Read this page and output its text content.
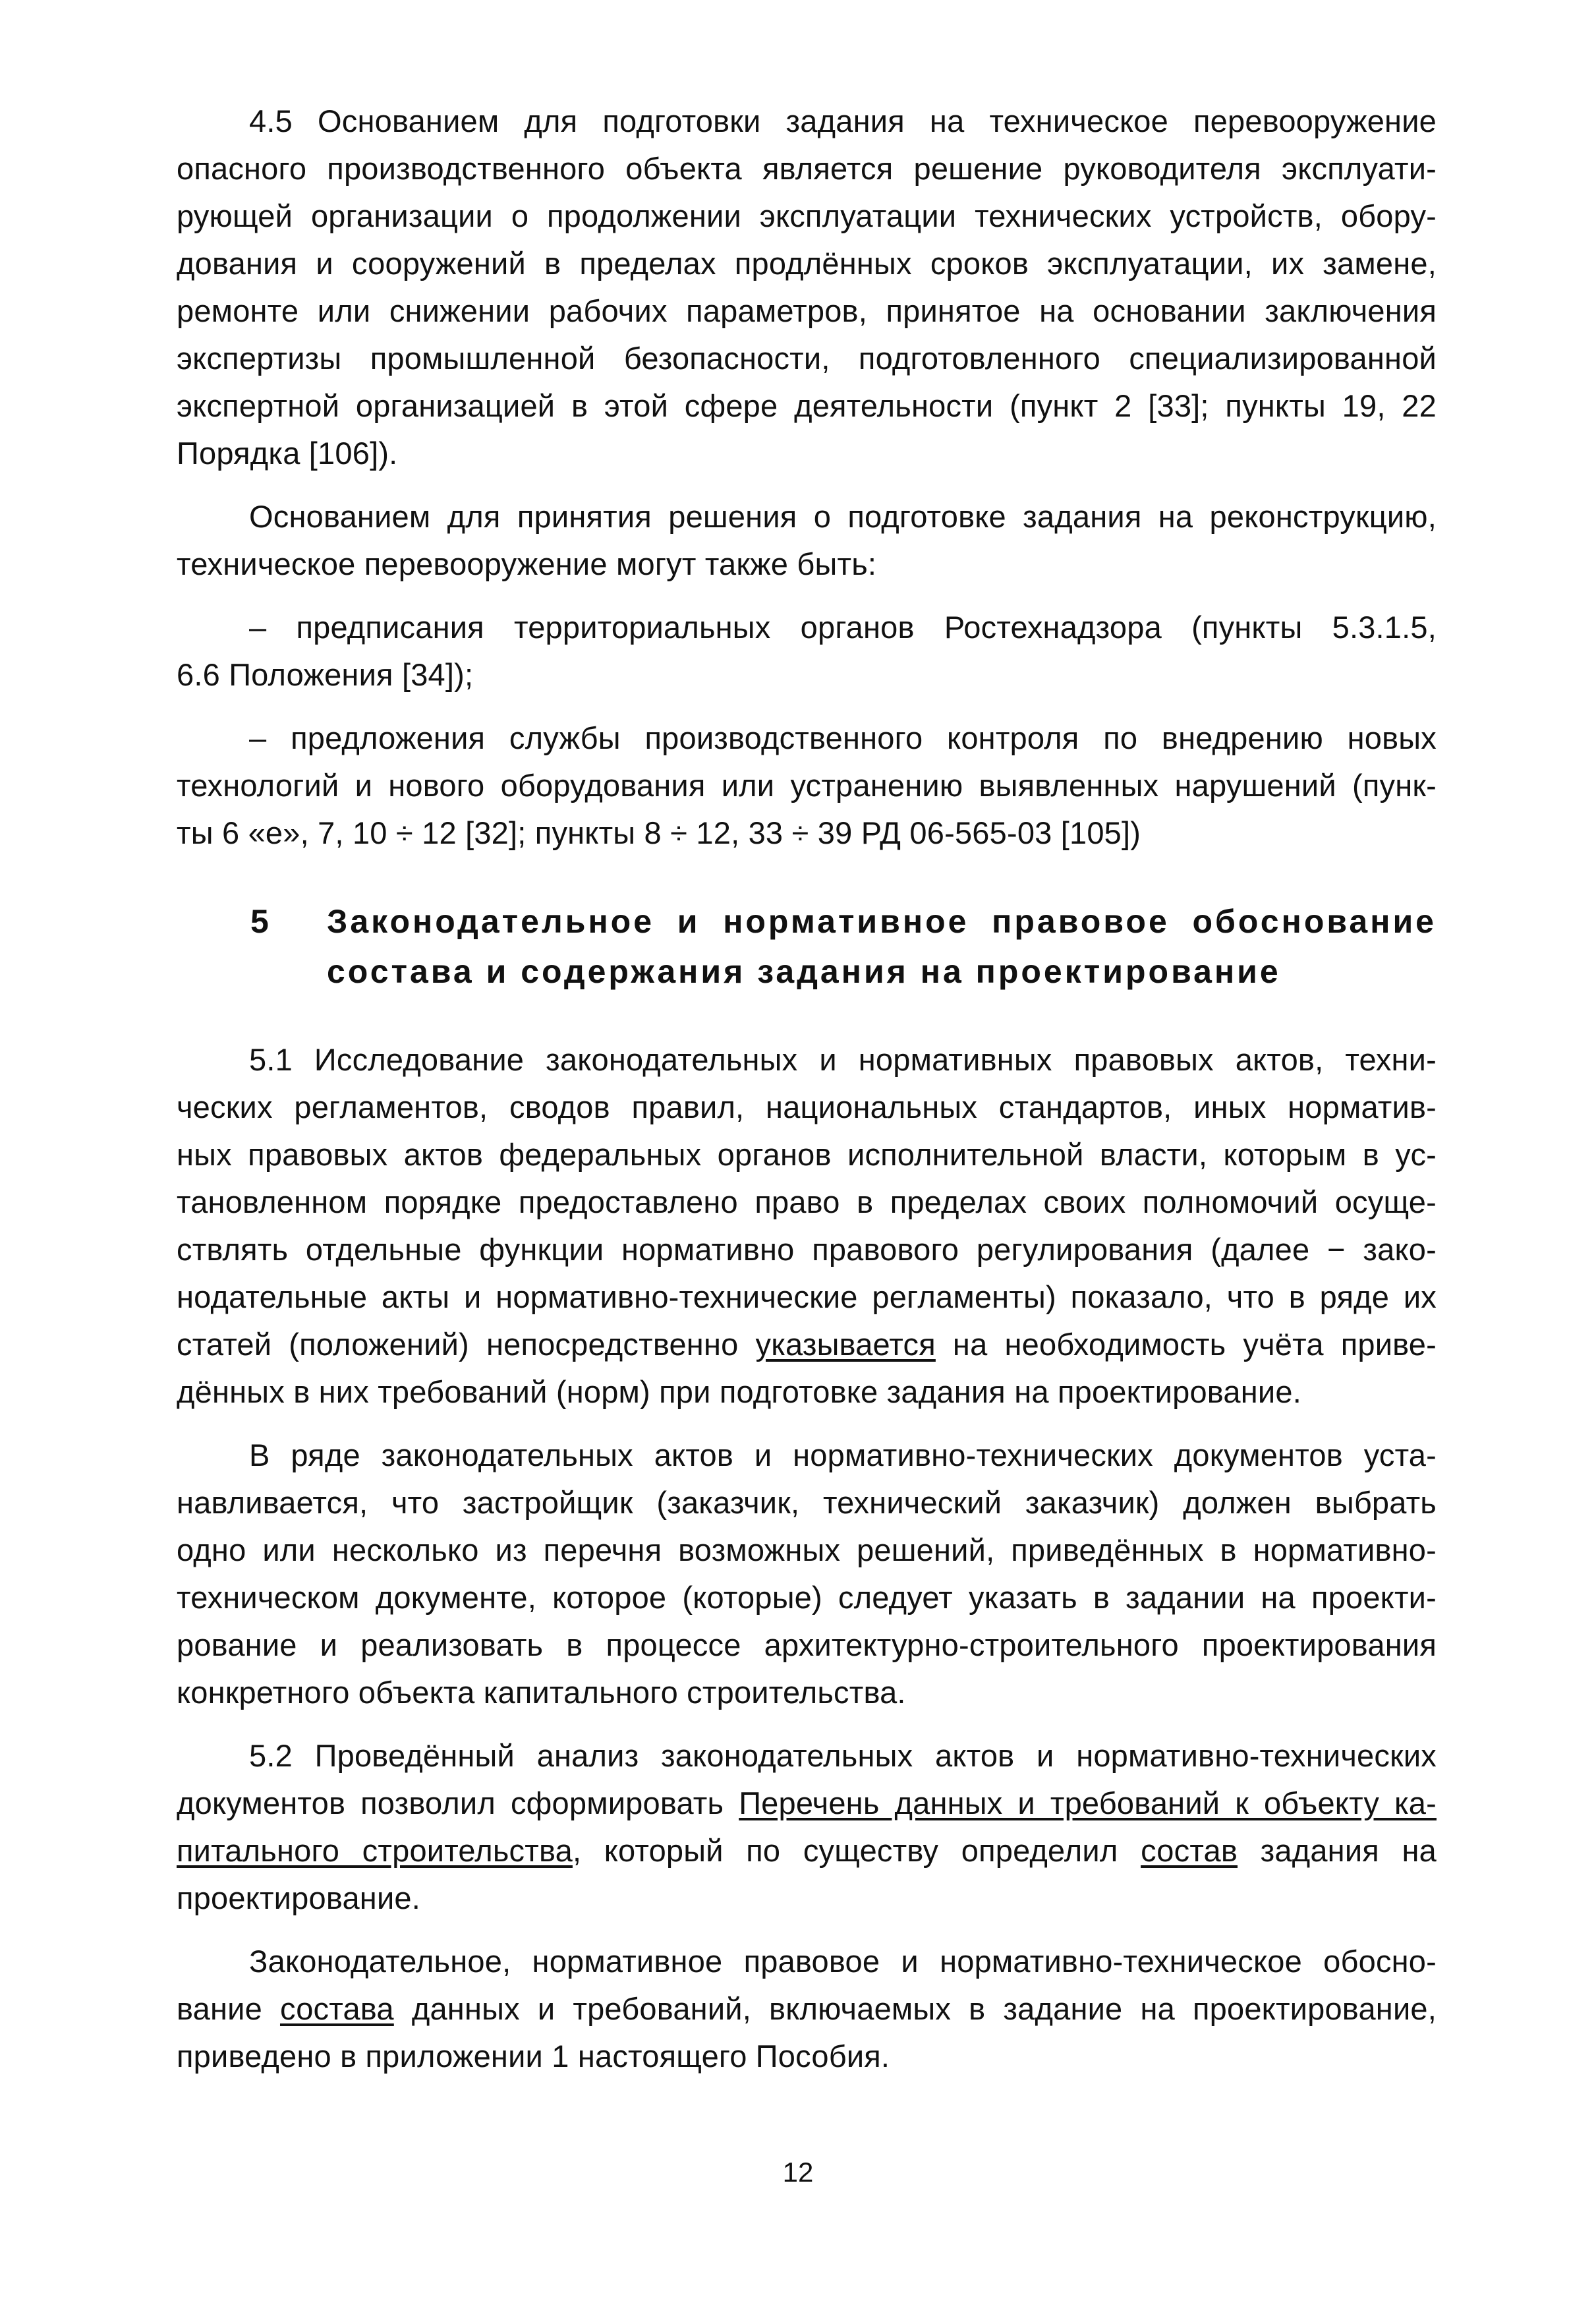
4.5 Основанием для подготовки задания на техническое перевооружение
опасного производственного объекта является решение руководителя эксплуати-
рующей организации о продолжении эксплуатации технических устройств, обору-
дования и сооружений в пределах продлённых сроков эксплуатации, их замене,
ремонте или снижении рабочих параметров, принятое на основании заключения
экспертизы промышленной безопасности, подготовленного специализированной
экспертной организацией в этой сфере деятельности (пункт 2 [33]; пункты 19, 22
Порядка [106]).
Основанием для принятия решения о подготовке задания на реконструкцию,
техническое перевооружение могут также быть:
– предписания территориальных органов Ростехнадзора (пункты 5.3.1.5,
6.6 Положения [34]);
– предложения службы производственного контроля по внедрению новых
технологий и нового оборудования или устранению выявленных нарушений (пунк-
ты 6 «е», 7, 10 ÷ 12 [32]; пункты 8 ÷ 12, 33 ÷ 39 РД 06-565-03 [105])
5 Законодательное и нормативное правовое обоснование
состава и содержания задания на проектирование
5.1 Исследование законодательных и нормативных правовых актов, техни-
ческих регламентов, сводов правил, национальных стандартов, иных норматив-
ных правовых актов федеральных органов исполнительной власти, которым в ус-
тановленном порядке предоставлено право в пределах своих полномочий осуще-
ствлять отдельные функции нормативно правового регулирования (далее − зако-
нодательные акты и нормативно-технические регламенты) показало, что в ряде их
статей (положений) непосредственно указывается на необходимость учёта приве-
дённых в них требований (норм) при подготовке задания на проектирование.
В ряде законодательных актов и нормативно-технических документов уста-
навливается, что застройщик (заказчик, технический заказчик) должен выбрать
одно или несколько из перечня возможных решений, приведённых в нормативно-
техническом документе, которое (которые) следует указать в задании на проекти-
рование и реализовать в процессе архитектурно-строительного проектирования
конкретного объекта капитального строительства.
5.2 Проведённый анализ законодательных актов и нормативно-технических
документов позволил сформировать Перечень данных и требований к объекту ка-
питального строительства, который по существу определил состав задания на
проектирование.
Законодательное, нормативное правовое и нормативно-техническое обосно-
вание состава данных и требований, включаемых в задание на проектирование,
приведено в приложении 1 настоящего Пособия.
12
